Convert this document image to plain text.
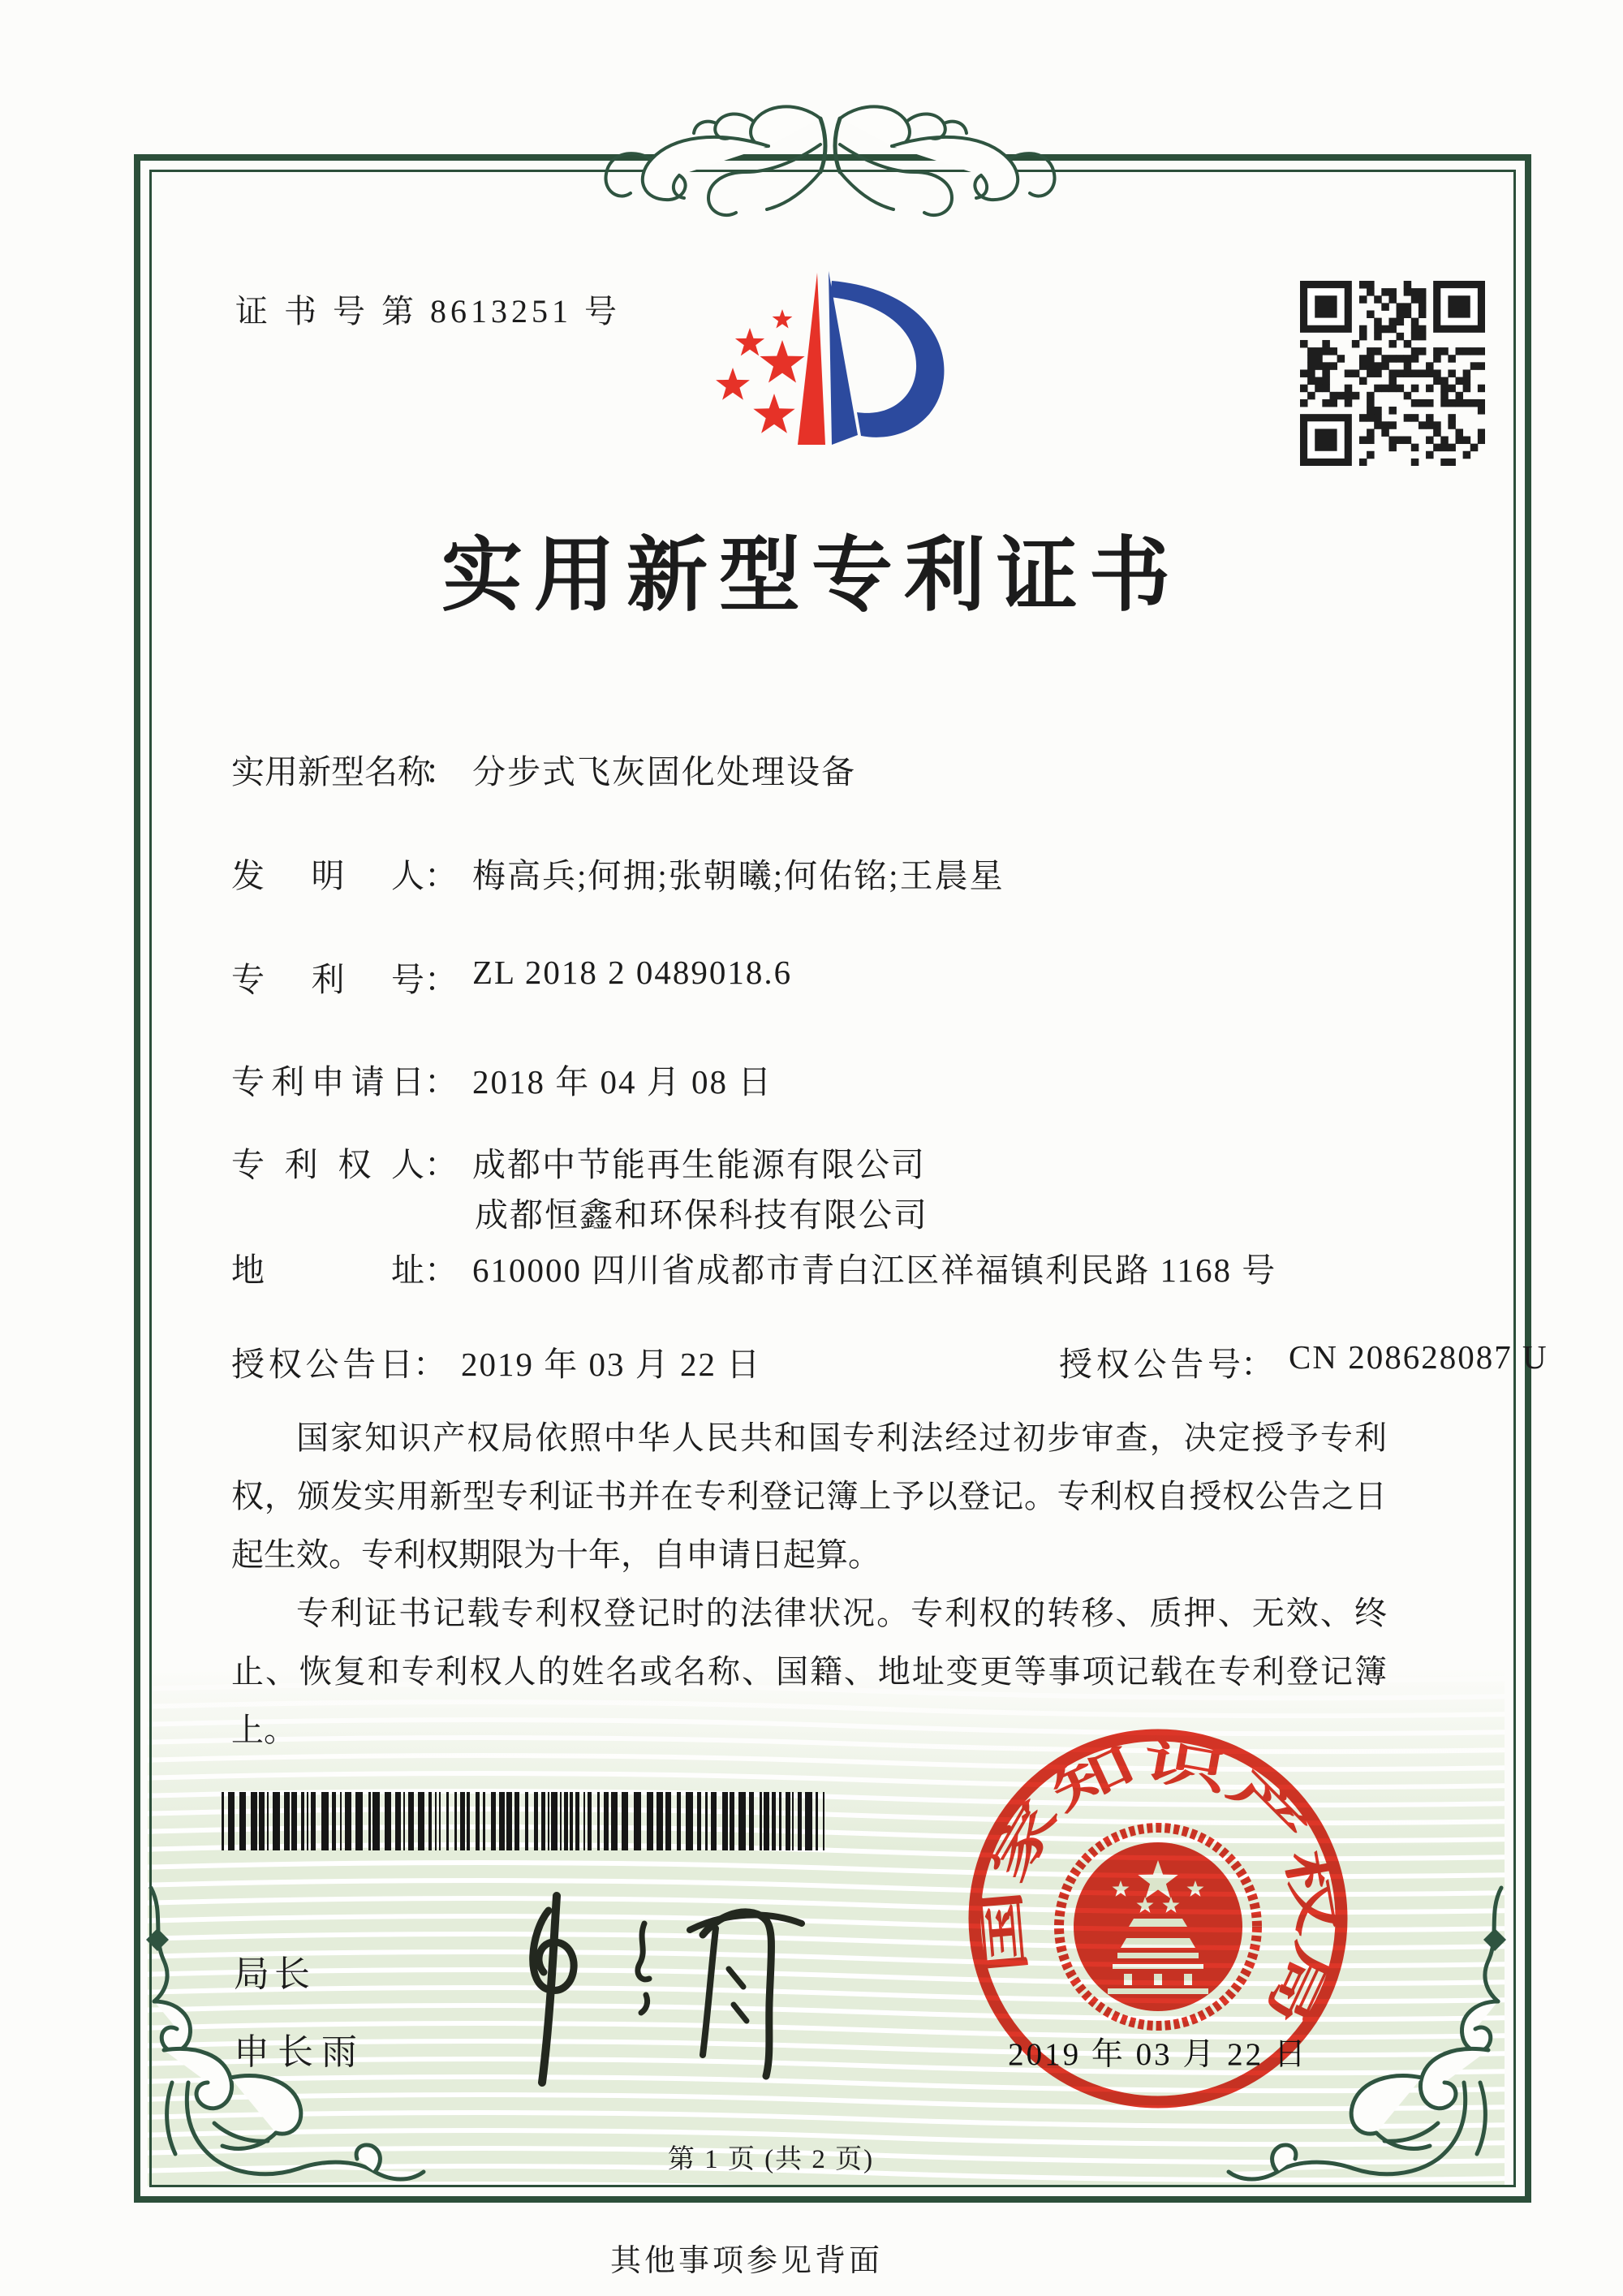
证 书 号 第 8613251 号
实用新型专利证书
实用新型名称： 分步式飞灰固化处理设备
发明人： 梅高兵;何拥;张朝曦;何佑铭;王晨星
专利号： ZL 2018 2 0489018.6
专利申请日： 2018 年 04 月 08 日
专利权人： 成都中节能再生能源有限公司
成都恒鑫和环保科技有限公司
地址： 610000 四川省成都市青白江区祥福镇利民路 1168 号
授权公告日： 2019 年 03 月 22 日	授权公告号： CN 208628087 U

国家知识产权局依照中华人民共和国专利法经过初步审查，决定授予专利权，颁发实用新型专利证书并在专利登记簿上予以登记。专利权自授权公告之日起生效。专利权期限为十年，自申请日起算。

专利证书记载专利权登记时的法律状况。专利权的转移、质押、无效、终止、恢复和专利权人的姓名或名称、国籍、地址变更等事项记载在专利登记簿上。

局长
申长雨
国家知识产权局
2019 年 03 月 22 日
第 1 页 (共 2 页)
其他事项参见背面
